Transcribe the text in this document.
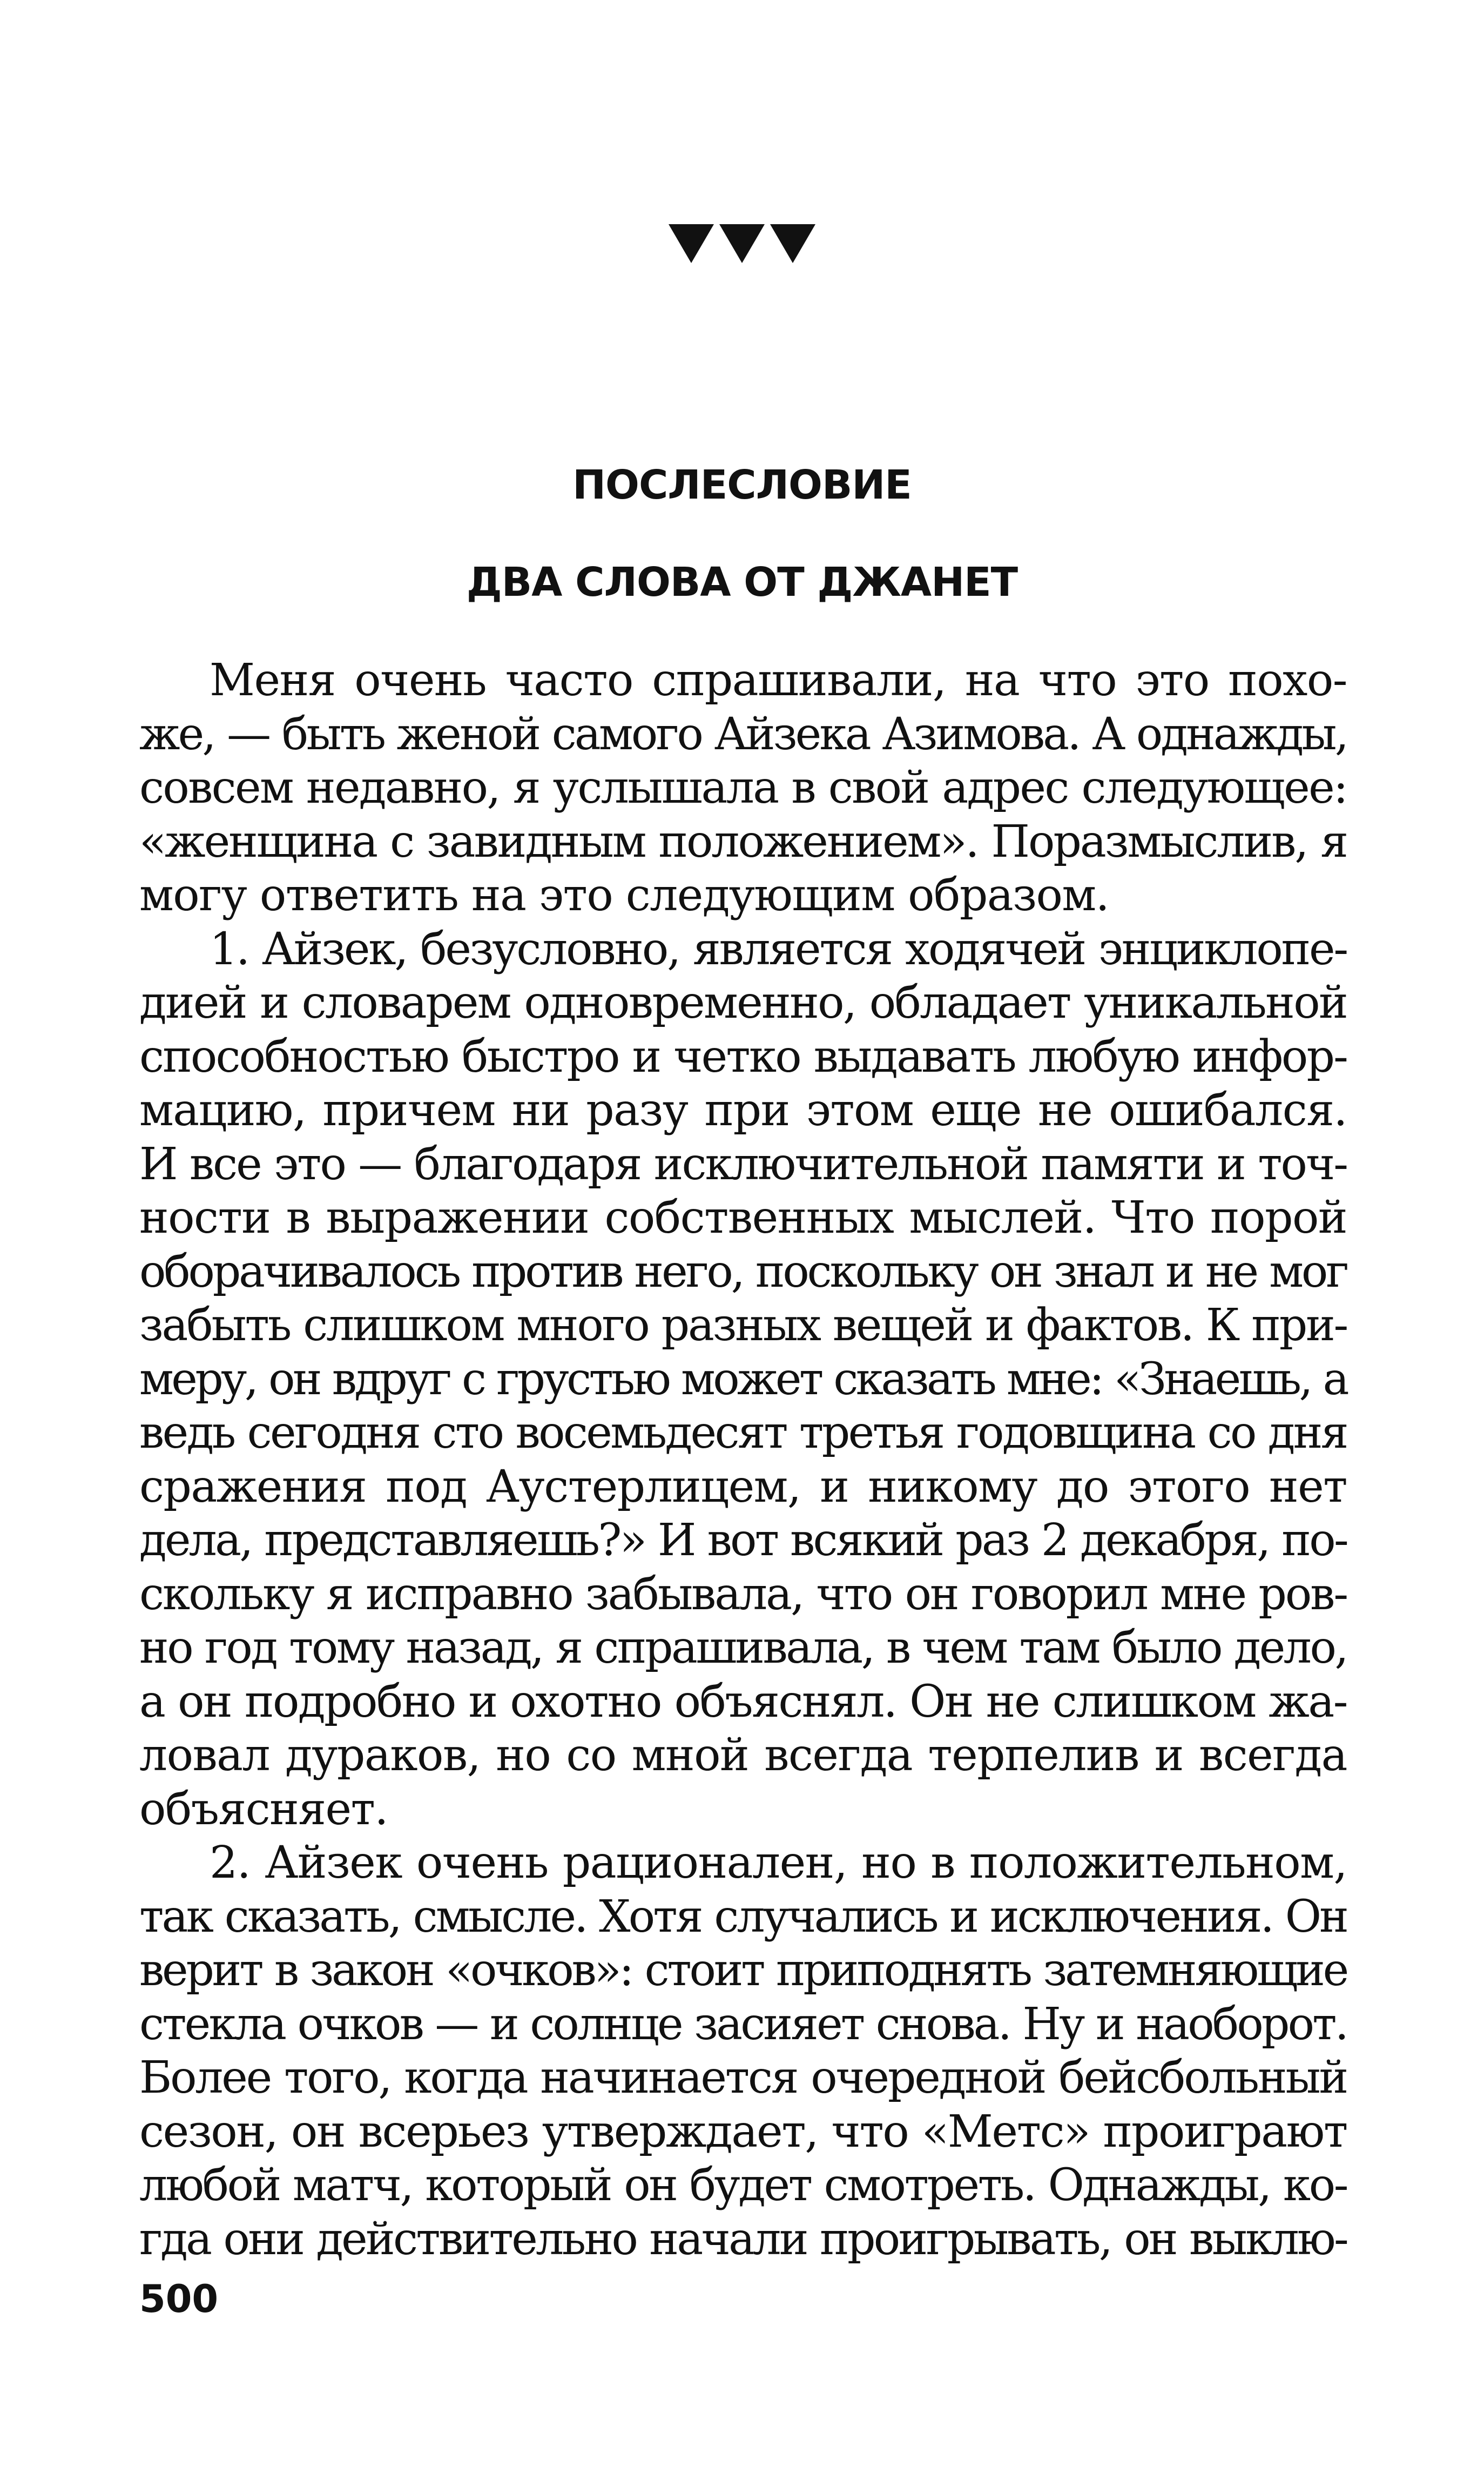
ПОСЛЕСЛОВИЕ
ДВА СЛОВА ОТ ДЖАНЕТ
Меня очень часто спрашивали, на что это похо-
же, — быть женой самого Айзека Азимова. А однажды,
совсем недавно, я услышала в свой адрес следующее:
«женщина с завидным положением». Поразмыслив, я
могу ответить на это следующим образом.
1. Айзек, безусловно, является ходячей энциклопе-
дией и словарем одновременно, обладает уникальной
способностью быстро и четко выдавать любую инфор-
мацию, причем ни разу при этом еще не ошибался.
И все это — благодаря исключительной памяти и точ-
ности в выражении собственных мыслей. Что порой
оборачивалось против него, поскольку он знал и не мог
забыть слишком много разных вещей и фактов. К при-
меру, он вдруг с грустью может сказать мне: «Знаешь, а
ведь сегодня сто восемьдесят третья годовщина со дня
сражения под Аустерлицем, и никому до этого нет
дела, представляешь?» И вот всякий раз 2 декабря, по-
скольку я исправно забывала, что он говорил мне ров-
но год тому назад, я спрашивала, в чем там было дело,
а он подробно и охотно объяснял. Он не слишком жа-
ловал дураков, но со мной всегда терпелив и всегда
объясняет.
2. Айзек очень рационален, но в положительном,
так сказать, смысле. Хотя случались и исключения. Он
верит в закон «очков»: стоит приподнять затемняющие
стекла очков — и солнце засияет снова. Ну и наоборот.
Более того, когда начинается очередной бейсбольный
сезон, он всерьез утверждает, что «Метс» проиграют
любой матч, который он будет смотреть. Однажды, ко-
гда они действительно начали проигрывать, он выклю-

500
